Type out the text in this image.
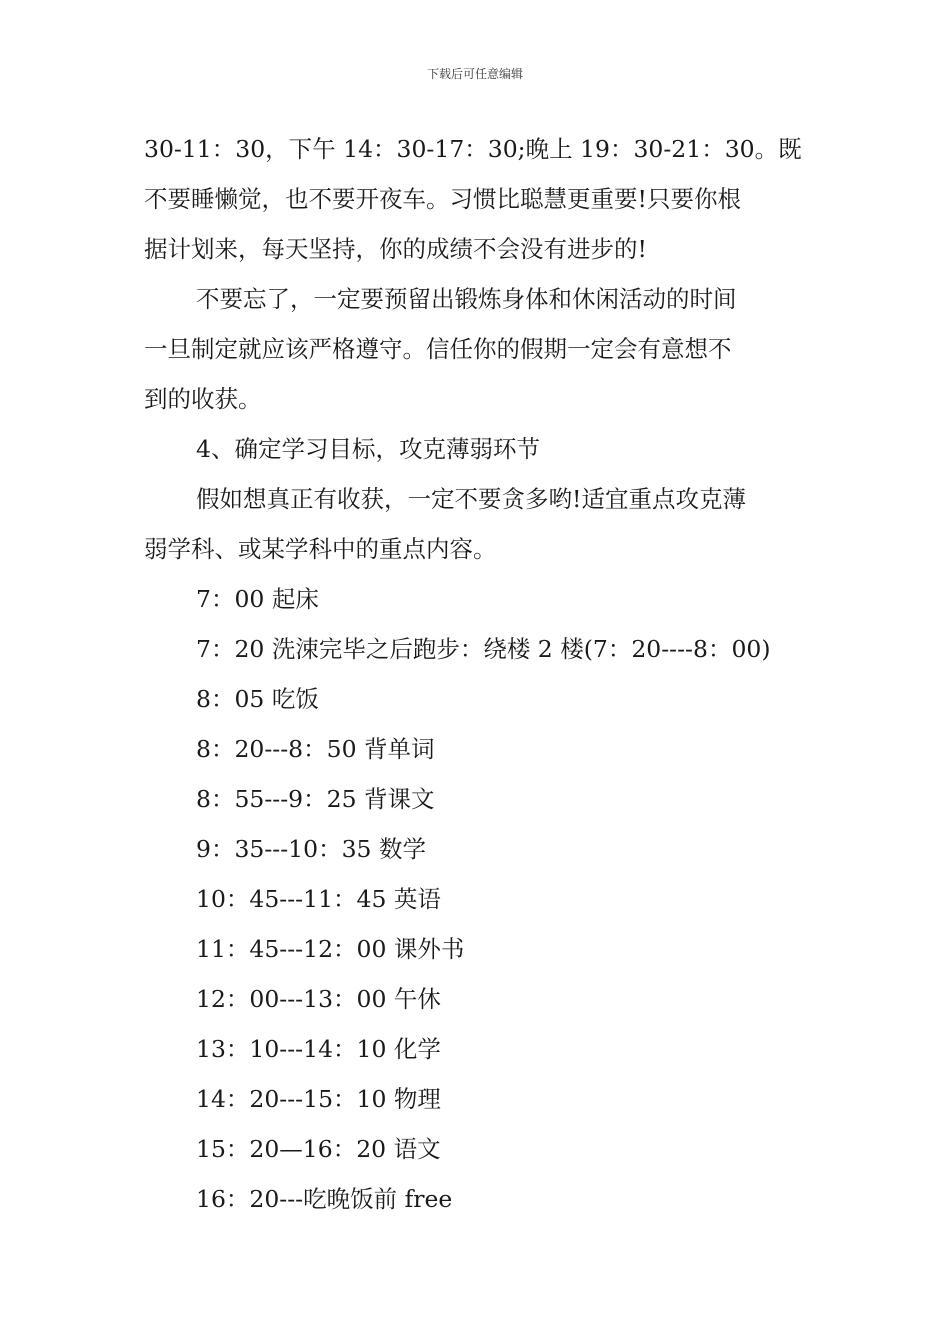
下载后可任意编辑
30-11：30，下午 14：30-17：30;晚上 19：30-21：30。既
不要睡懒觉，也不要开夜车。习惯比聪慧更重要!只要你根
据计划来，每天坚持，你的成绩不会没有进步的!
不要忘了，一定要预留出锻炼身体和休闲活动的时间
一旦制定就应该严格遵守。信任你的假期一定会有意想不
到的收获。
4、确定学习目标，攻克薄弱环节
假如想真正有收获，一定不要贪多哟!适宜重点攻克薄
弱学科、或某学科中的重点内容。
7：00 起床
7：20 洗涑完毕之后跑步：绕楼 2 楼(7：20----8：00)
8：05 吃饭
8：20---8：50 背单词
8：55---9：25 背课文
9：35---10：35 数学
10：45---11：45 英语
11：45---12：00 课外书
12：00---13：00 午休
13：10---14：10 化学
14：20---15：10 物理
15：20—16：20 语文
16：20---吃晚饭前 free
